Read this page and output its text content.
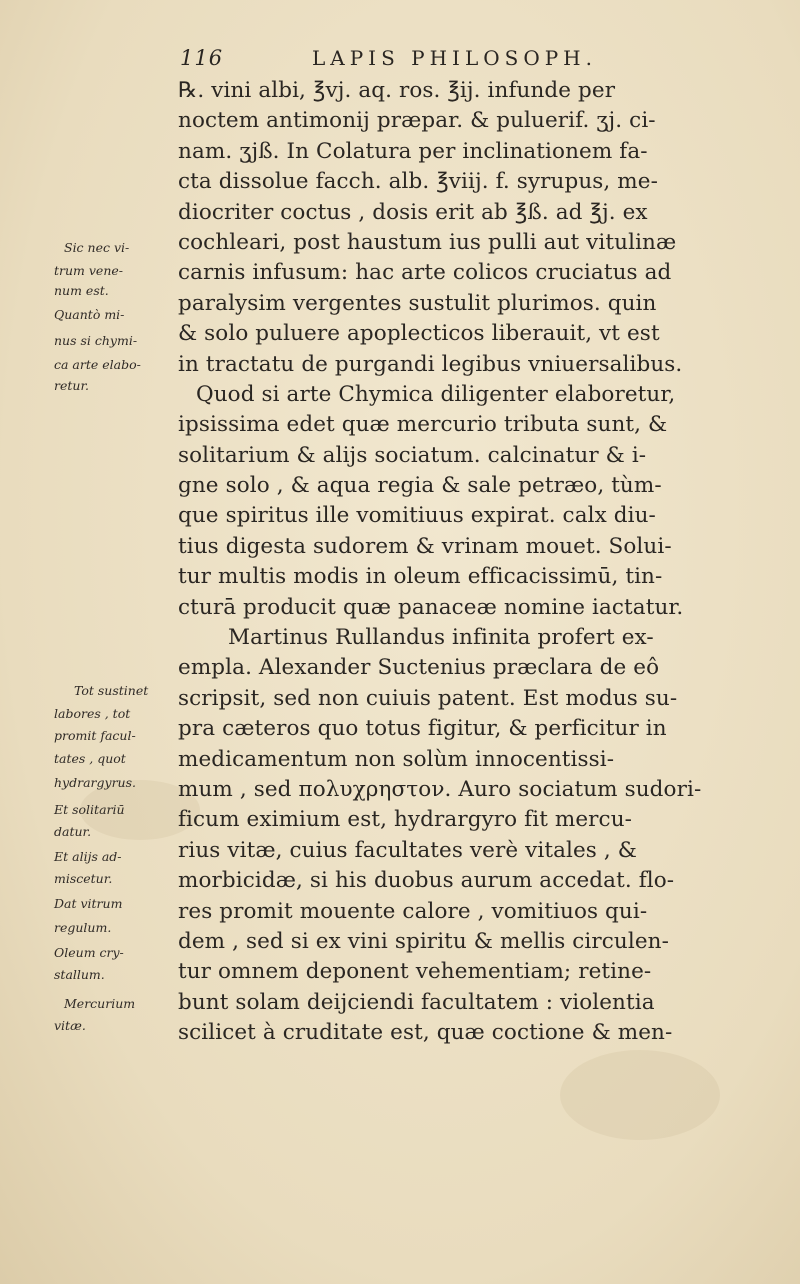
116	LAPIS PHILOSOPH.
℞. vini albi, ℥vj. aq. ros. ℥ij. infunde per
noctem antimonij præpar. & puluerif. ʒj. ci-
nam. ʒjß. In Colatura per inclinationem fa-
cta dissolue facch. alb. ℥viij. f. syrupus, me-
diocriter coctus , dosis erit ab ℥ß. ad ℥j. ex
cochleari, post haustum ius pulli aut vitulinæ
carnis infusum: hac arte colicos cruciatus ad
paralysim vergentes sustulit plurimos. quin
& solo puluere apoplecticos liberauit, vt est
in tractatu de purgandi legibus vniuersalibus.
Quod si arte Chymica diligenter elaboretur,
ipsissima edet quæ mercurio tributa sunt, &
solitarium & alijs sociatum. calcinatur & i-
gne solo , & aqua regia & sale petræo, tùm-
que spiritus ille vomitiuus expirat. calx diu-
tius digesta sudorem & vrinam mouet. Solui-
tur multis modis in oleum efficacissimū, tin-
cturā producit quæ panaceæ nomine iactatur.
Martinus Rullandus infinita profert ex-
empla. Alexander Suctenius præclara de eô
scripsit, sed non cuiuis patent. Est modus su-
pra cæteros quo totus figitur, & perficitur in
medicamentum non solùm innocentissi-
mum , sed πολυχρηστον. Auro sociatum sudori-
ficum eximium est, hydrargyro fit mercu-
rius vitæ, cuius facultates verè vitales , &
morbicidæ, si his duobus aurum accedat. flo-
res promit mouente calore , vomitiuos qui-
dem , sed si ex vini spiritu & mellis circulen-
tur omnem deponent vehementiam; retine-
bunt solam deijciendi facultatem : violentia
scilicet à cruditate est, quæ coctione & men-
Sic nec vi-
trum vene-
num est.
Quantò mi-
nus si chymi-
ca arte elabo-
retur.
Tot sustinet
labores , tot
promit facul-
tates , quot
hydrargyrus.
Et solitariū
datur.
Et alijs ad-
miscetur.
Dat vitrum
regulum.
Oleum cry-
stallum.
Mercurium
vitæ.
